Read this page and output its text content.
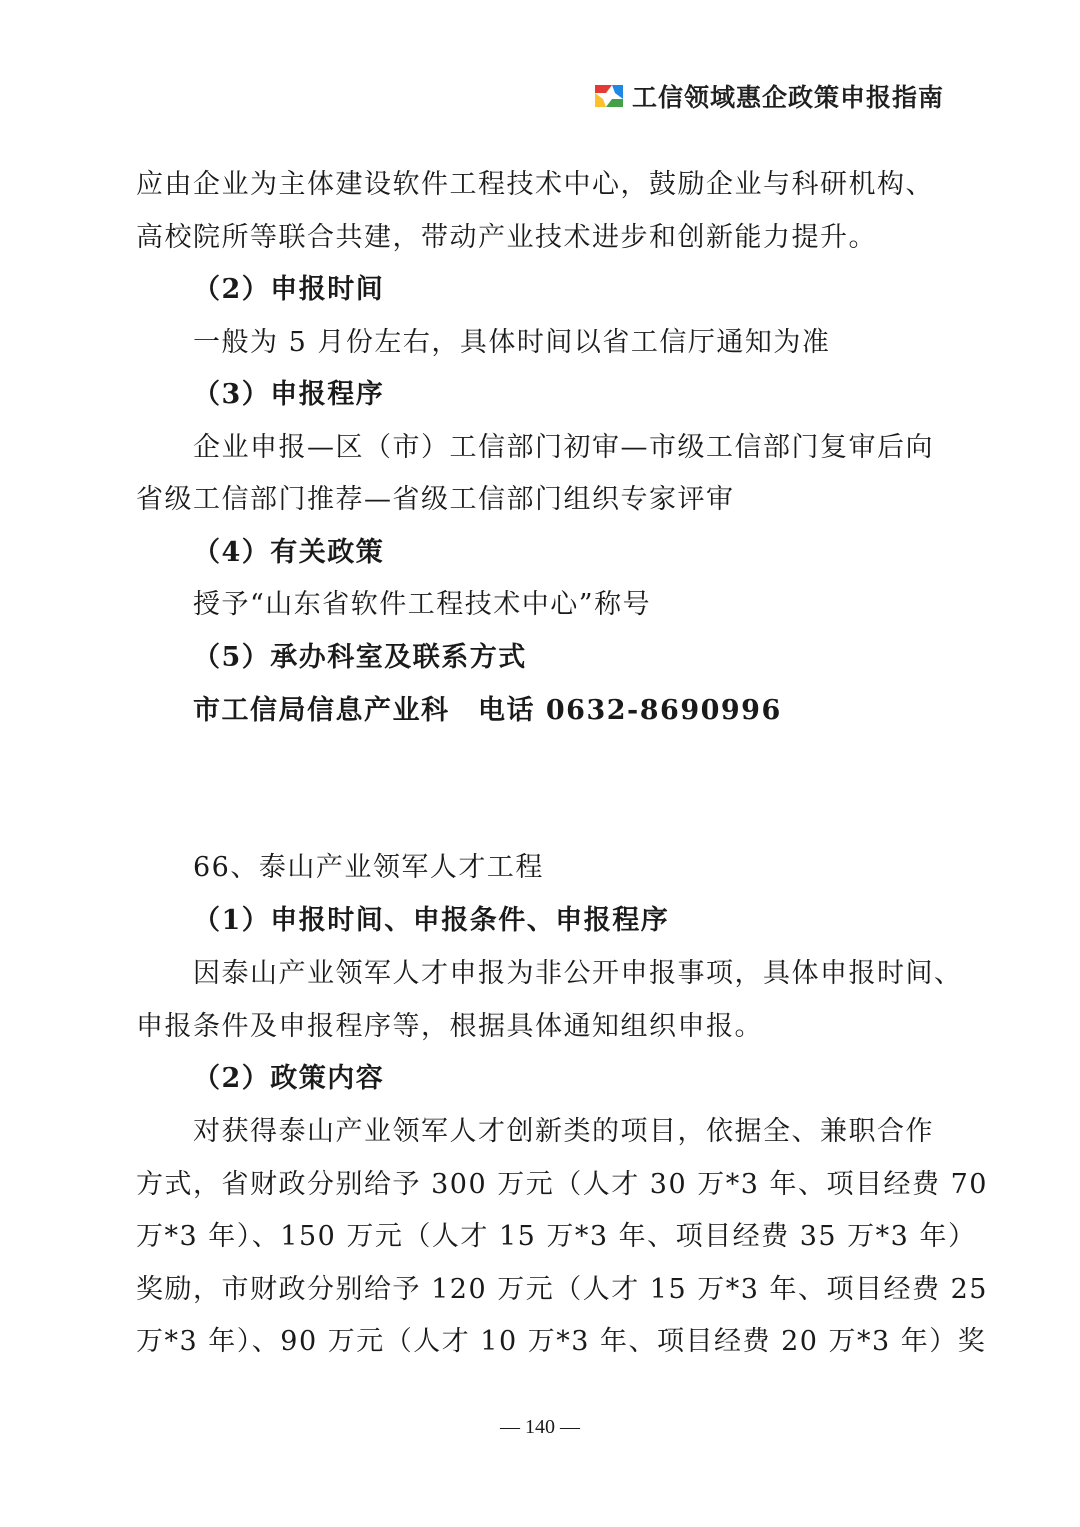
工信领域惠企政策申报指南
应由企业为主体建设软件工程技术中心，鼓励企业与科研机构、
高校院所等联合共建，带动产业技术进步和创新能力提升。
（2）申报时间
一般为 5 月份左右，具体时间以省工信厅通知为准
（3）申报程序
企业申报—区（市）工信部门初审—市级工信部门复审后向
省级工信部门推荐—省级工信部门组织专家评审
（4）有关政策
授予“山东省软件工程技术中心”称号
（5）承办科室及联系方式
市工信局信息产业科　电话 0632-8690996
66、泰山产业领军人才工程
（1）申报时间、申报条件、申报程序
因泰山产业领军人才申报为非公开申报事项，具体申报时间、
申报条件及申报程序等，根据具体通知组织申报。
（2）政策内容
对获得泰山产业领军人才创新类的项目，依据全、兼职合作
方式，省财政分别给予 300 万元（人才 30 万*3 年、项目经费 70
万*3 年）、150 万元（人才 15 万*3 年、项目经费 35 万*3 年）
奖励，市财政分别给予 120 万元（人才 15 万*3 年、项目经费 25
万*3 年）、90 万元（人才 10 万*3 年、项目经费 20 万*3 年）奖
— 140 —
